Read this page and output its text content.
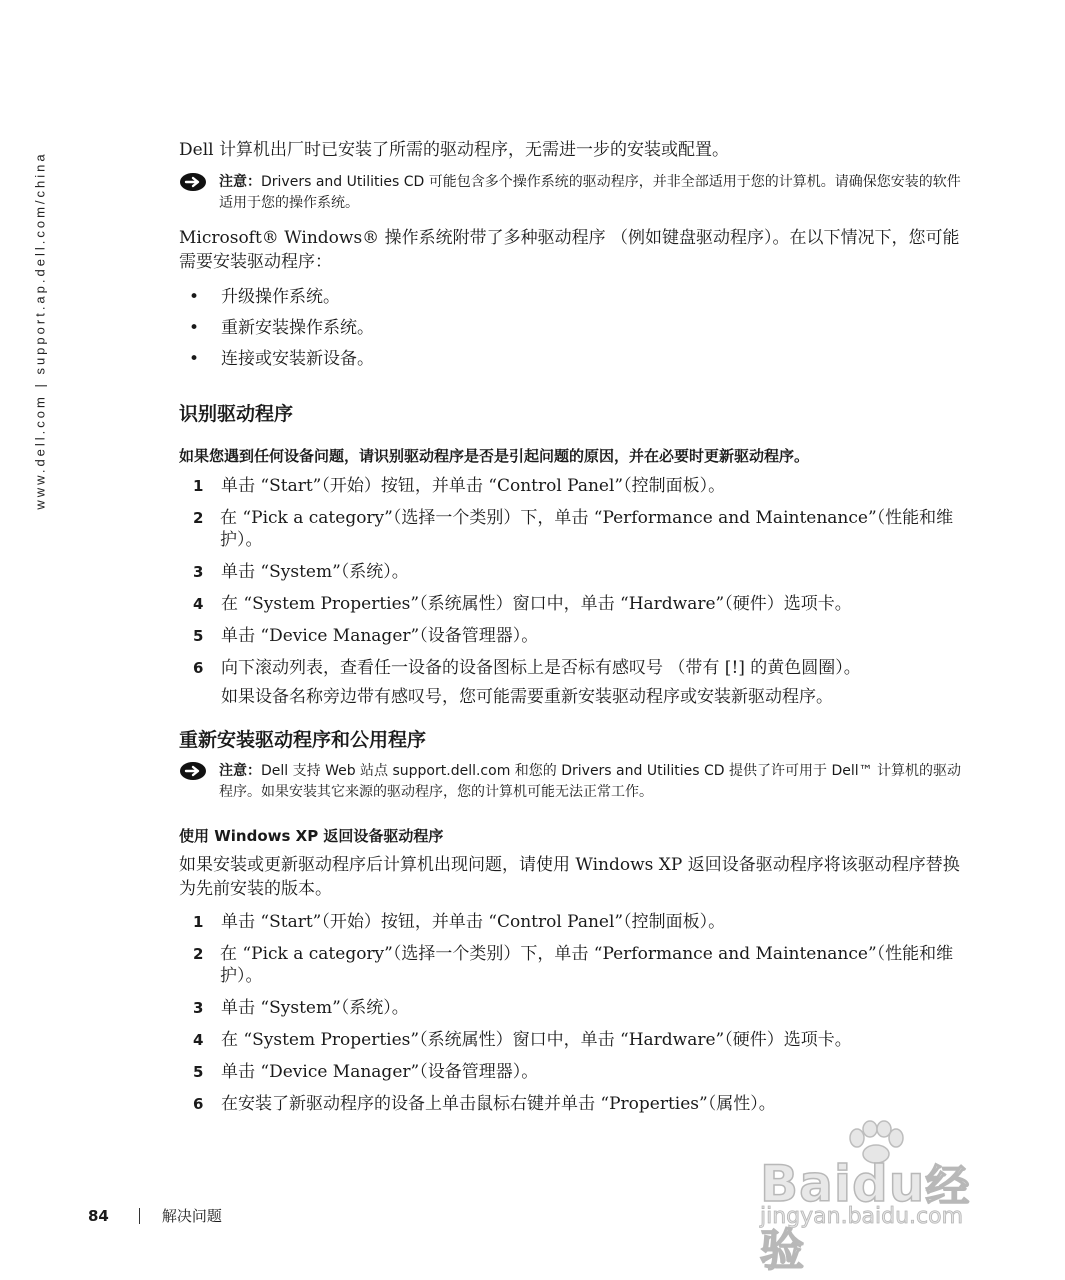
www.dell.com | support.ap.dell.com/china

Dell 计算机出厂时已安装了所需的驱动程序，无需进一步的安装或配置。

注意：Drivers and Utilities CD 可能包含多个操作系统的驱动程序，并非全部适用于您的计算机。请确保您安装的软件适用于您的操作系统。

Microsoft® Windows® 操作系统附带了多种驱动程序 （例如键盘驱动程序）。在以下情况下，您可能需要安装驱动程序：

•	升级操作系统。
•	重新安装操作系统。
•	连接或安装新设备。
识别驱动程序
如果您遇到任何设备问题，请识别驱动程序是否是引起问题的原因，并在必要时更新驱动程序。
1	单击 “Start”（开始）按钮，并单击 “Control Panel”（控制面板）。
2 在 “Pick a category”（选择一个类别）下，单击 “Performance and Maintenance”（性能和维护）。
3	单击 “System”（系统）。
4	在 “System Properties”（系统属性）窗口中，单击 “Hardware”（硬件）选项卡。
5	单击 “Device Manager”（设备管理器）。
6	向下滚动列表，查看任一设备的设备图标上是否标有感叹号 （带有 [!] 的黄色圆圈）。

如果设备名称旁边带有感叹号，您可能需要重新安装驱动程序或安装新驱动程序。

重新安装驱动程序和公用程序
注意：Dell 支持 Web 站点 support.dell.com 和您的 Drivers and Utilities CD 提供了许可用于 Dell™ 计算机的驱动程序。如果安装其它来源的驱动程序，您的计算机可能无法正常工作。
使用 Windows XP 返回设备驱动程序

如果安装或更新驱动程序后计算机出现问题，请使用 Windows XP 返回设备驱动程序将该驱动程序替换为先前安装的版本。

1	单击 “Start”（开始）按钮，并单击 “Control Panel”（控制面板）。
2 在 “Pick a category”（选择一个类别）下，单击 “Performance and Maintenance”（性能和维护）。
3	单击 “System”（系统）。
4	在 “System Properties”（系统属性）窗口中，单击 “Hardware”（硬件）选项卡。
5	单击 “Device Manager”（设备管理器）。
6	在安装了新驱动程序的设备上单击鼠标右键并单击 “Properties”（属性）。
84	解决问题
Baidu经验
jingyan.baidu.com
